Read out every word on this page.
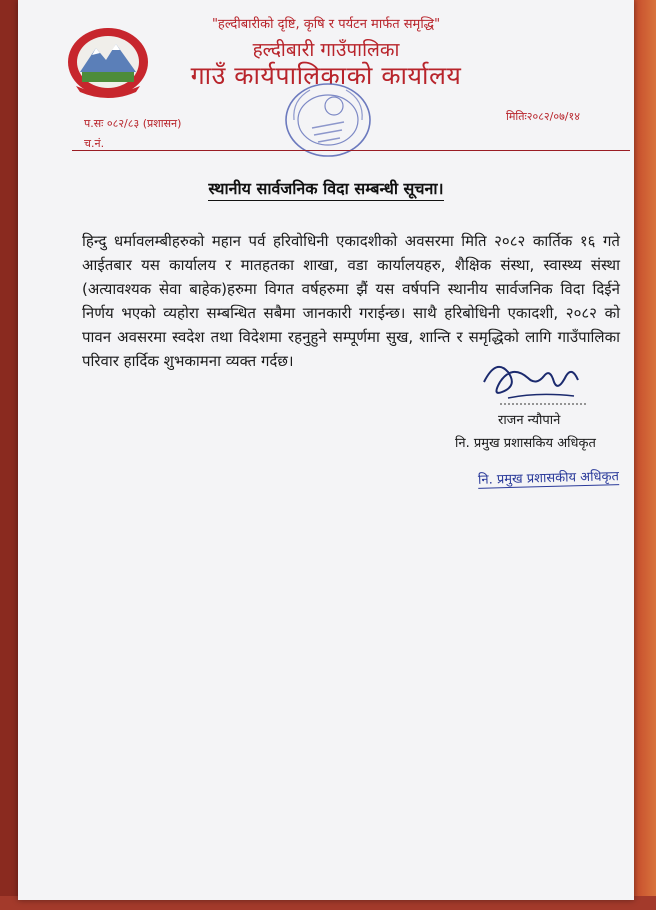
"हल्दीबारीको दृष्टि, कृषि र पर्यटन मार्फत समृद्धि"
हल्दीबारी गाउँपालिका
गाउँ कार्यपालिकाको कार्यालय
प.सः ०८२/८३ (प्रशासन)
च.नं.
मितिः२०८२/०७/१४
स्थानीय सार्वजनिक विदा सम्बन्धी सूचना।
हिन्दु धर्मावलम्बीहरुको महान पर्व हरिवोधिनी एकादशीको अवसरमा मिति २०८२ कार्तिक १६ गते आईतबार यस कार्यालय र मातहतका शाखा, वडा कार्यालयहरु, शैक्षिक संस्था, स्वास्थ्य संस्था (अत्यावश्यक सेवा बाहेक)हरुमा विगत वर्षहरुमा झैं यस वर्षपनि स्थानीय सार्वजनिक विदा दिईने निर्णय भएको व्यहोरा सम्बन्धित सबैमा जानकारी गराईन्छ। साथै हरिबोधिनी एकादशी, २०८२ को पावन अवसरमा स्वदेश तथा विदेशमा रहनुहुने सम्पूर्णमा सुख, शान्ति र समृद्धिको लागि गाउँपालिका परिवार हार्दिक शुभकामना व्यक्त गर्दछ।
राजन न्यौपाने
नि. प्रमुख प्रशासकिय अधिकृत
नि. प्रमुख प्रशासकीय अधिकृत
